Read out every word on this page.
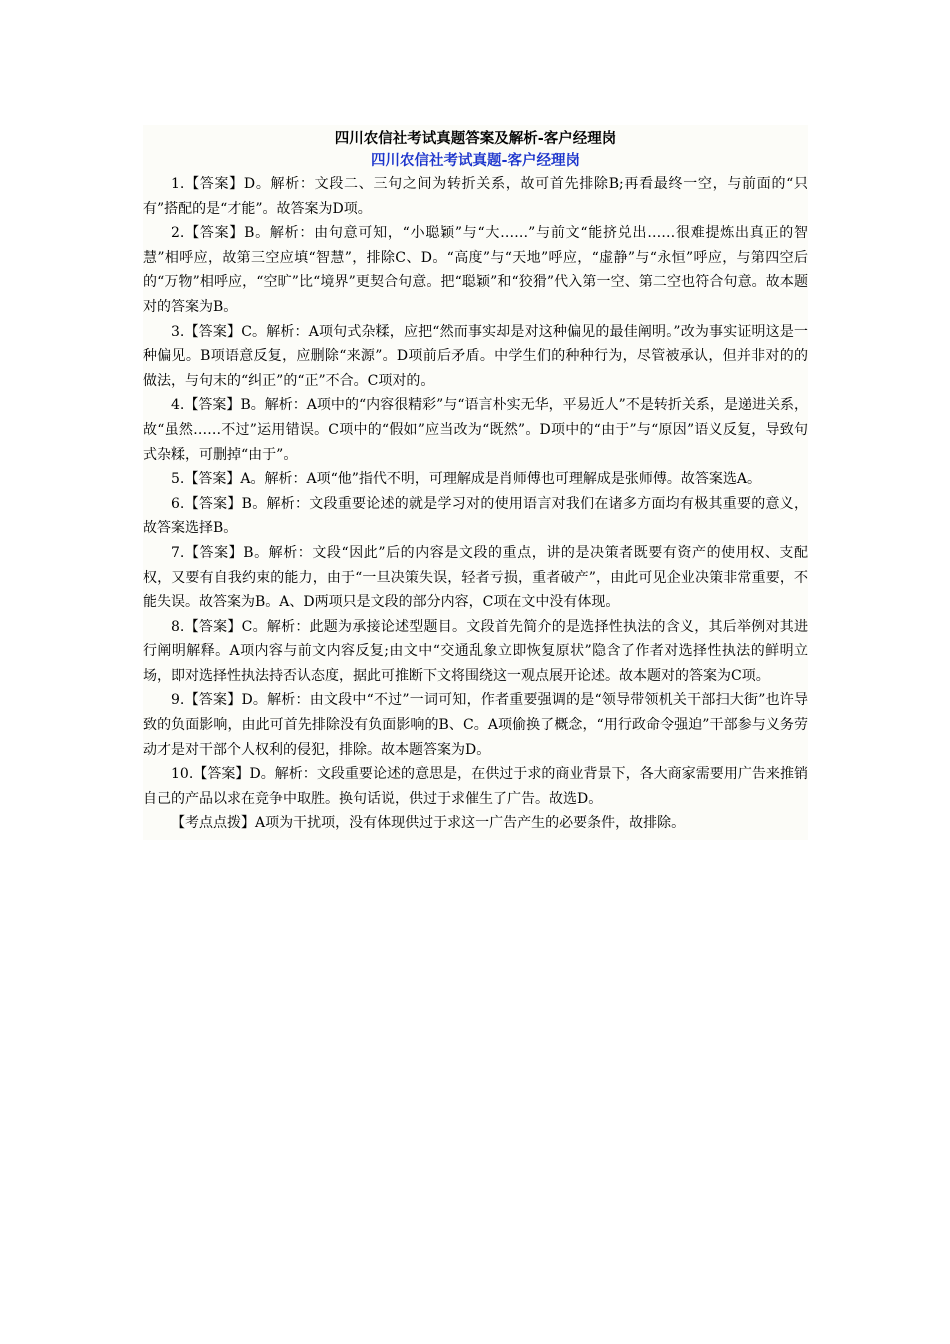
四川农信社考试真题答案及解析-客户经理岗
四川农信社考试真题-客户经理岗

1.【答案】D。解析：文段二、三句之间为转折关系，故可首先排除B;再看最终一空，与前面的“只有”搭配的是“才能”。故答案为D项。

2.【答案】B。解析：由句意可知，“小聪颖”与“大……”与前文“能挤兑出……很难提炼出真正的智慧”相呼应，故第三空应填“智慧”，排除C、D。“高度”与“天地”呼应，“虚静”与“永恒”呼应，与第四空后的“万物”相呼应，“空旷”比“境界”更契合句意。把“聪颖”和“狡猾”代入第一空、第二空也符合句意。故本题对的答案为B。

3.【答案】C。解析：A项句式杂糅，应把“然而事实却是对这种偏见的最佳阐明。”改为事实证明这是一种偏见。B项语意反复，应删除“来源”。D项前后矛盾。中学生们的种种行为，尽管被承认，但并非对的的做法，与句末的“纠正”的“正”不合。C项对的。

4.【答案】B。解析：A项中的“内容很精彩”与“语言朴实无华，平易近人”不是转折关系，是递进关系，故“虽然……不过”运用错误。C项中的“假如”应当改为“既然”。D项中的“由于”与“原因”语义反复，导致句式杂糅，可删掉“由于”。

5.【答案】A。解析：A项“他”指代不明，可理解成是肖师傅也可理解成是张师傅。故答案选A。

6.【答案】B。解析：文段重要论述的就是学习对的使用语言对我们在诸多方面均有极其重要的意义，故答案选择B。

7.【答案】B。解析：文段“因此”后的内容是文段的重点，讲的是决策者既要有资产的使用权、支配权，又要有自我约束的能力，由于“一旦决策失误，轻者亏损，重者破产”，由此可见企业决策非常重要，不能失误。故答案为B。A、D两项只是文段的部分内容，C项在文中没有体现。

8.【答案】C。解析：此题为承接论述型题目。文段首先简介的是选择性执法的含义，其后举例对其进行阐明解释。A项内容与前文内容反复;由文中“交通乱象立即恢复原状”隐含了作者对选择性执法的鲜明立场，即对选择性执法持否认态度，据此可推断下文将围绕这一观点展开论述。故本题对的答案为C项。

9.【答案】D。解析：由文段中“不过”一词可知，作者重要强调的是“领导带领机关干部扫大街”也许导致的负面影响，由此可首先排除没有负面影响的B、C。A项偷换了概念，“用行政命令强迫”干部参与义务劳动才是对干部个人权利的侵犯，排除。故本题答案为D。

10.【答案】D。解析：文段重要论述的意思是，在供过于求的商业背景下，各大商家需要用广告来推销自己的产品以求在竞争中取胜。换句话说，供过于求催生了广告。故选D。

【考点点拨】A项为干扰项，没有体现供过于求这一广告产生的必要条件，故排除。
